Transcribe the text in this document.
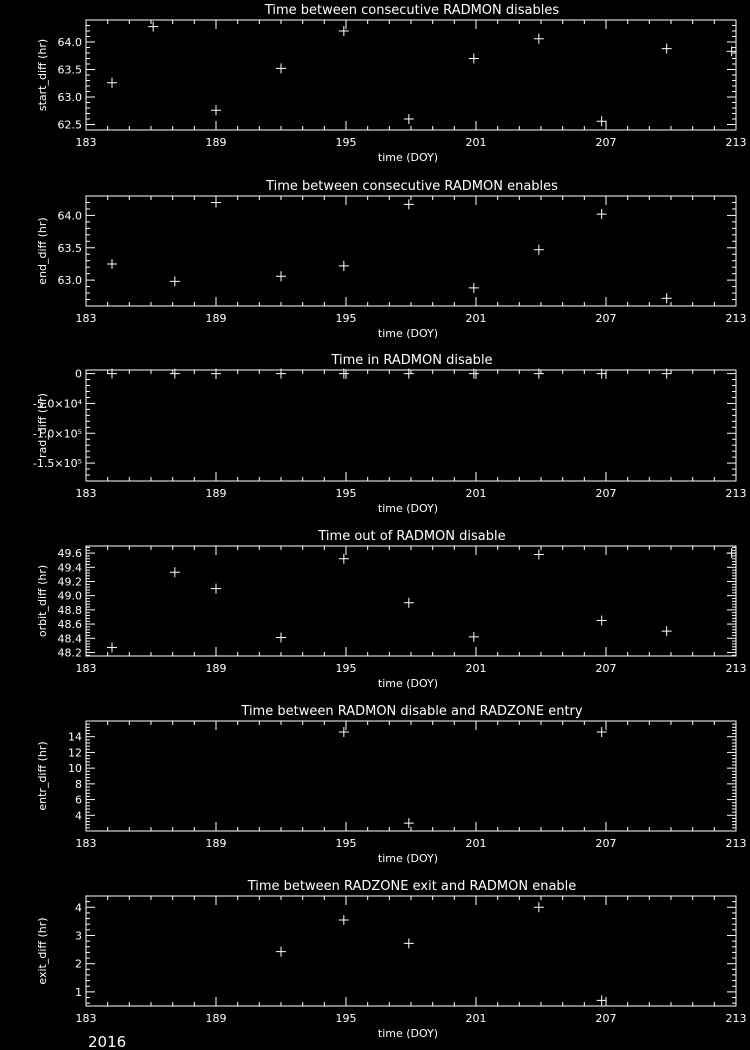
Time between consecutive RADMON disables
183	189	195	201	207	213
62.5
63.0
63.5
64.0
time (DOY)
start_diff (hr)
Time between consecutive RADMON enables
183	189	195	201	207	213
63.0
63.5
64.0
time (DOY)
end_diff (hr)
Time in RADMON disable
183	189	195	201	207	213
0
-5.0×10⁴
-1.0×10⁵
-1.5×10⁵
time (DOY)
rad_diff (hr)
Time out of RADMON disable
183	189	195	201	207	213
48.2
48.4
48.6
48.8
49.0
49.2
49.4
49.6
time (DOY)
orbit_diff (hr)
Time between RADMON disable and RADZONE entry
183	189	195	201	207	213
4
6
8
10
12
14
time (DOY)
entr_diff (hr)
Time between RADZONE exit and RADMON enable
183	189	195	201	207	213
1
2
3
4
time (DOY)
exit_diff (hr)
2016
